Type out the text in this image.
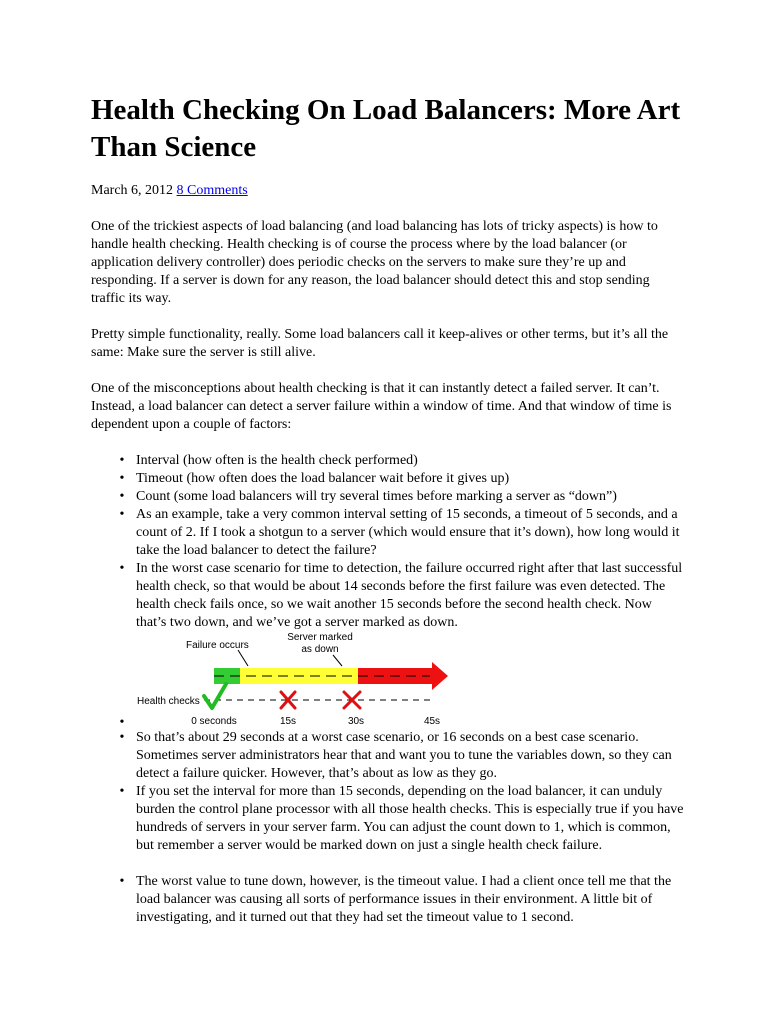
Health Checking On Load Balancers: More Art Than Science
March 6, 2012 8 Comments

One of the trickiest aspects of load balancing (and load balancing has lots of tricky aspects) is how to handle health checking. Health checking is of course the process where by the load balancer (or application delivery controller) does periodic checks on the servers to make sure they’re up and responding. If a server is down for any reason, the load balancer should detect this and stop sending traffic its way.

Pretty simple functionality, really. Some load balancers call it keep-alives or other terms, but it’s all the same: Make sure the server is still alive.

One of the misconceptions about health checking is that it can instantly detect a failed server. It can’t. Instead, a load balancer can detect a server failure within a window of time. And that window of time is dependent upon a couple of factors:

• Interval (how often is the health check performed)
• Timeout (how often does the load balancer wait before it gives up)
• Count (some load balancers will try several times before marking a server as “down”)
• As an example, take a very common interval setting of 15 seconds, a timeout of 5 seconds, and a count of 2. If I took a shotgun to a server (which would ensure that it’s down), how long would it take the load balancer to detect the failure?
• In the worst case scenario for time to detection, the failure occurred right after that last successful health check, so that would be about 14 seconds before the first failure was even detected. The health check fails once, so we wait another 15 seconds before the second health check. Now that’s two down, and we’ve got a server marked as down.
•
• So that’s about 29 seconds at a worst case scenario, or 16 seconds on a best case scenario. Sometimes server administrators hear that and want you to tune the variables down, so they can detect a failure quicker. However, that’s about as low as they go.
• If you set the interval for more than 15 seconds, depending on the load balancer, it can unduly burden the control plane processor with all those health checks. This is especially true if you have hundreds of servers in your server farm. You can adjust the count down to 1, which is common, but remember a server would be marked down on just a single health check failure.
• The worst value to tune down, however, is the timeout value. I had a client once tell me that the load balancer was causing all sorts of performance issues in their environment. A little bit of investigating, and it turned out that they had set the timeout value to 1 second.
Failure occurs
Server marked
as down
Health checks
0 seconds	15s	30s	45s
